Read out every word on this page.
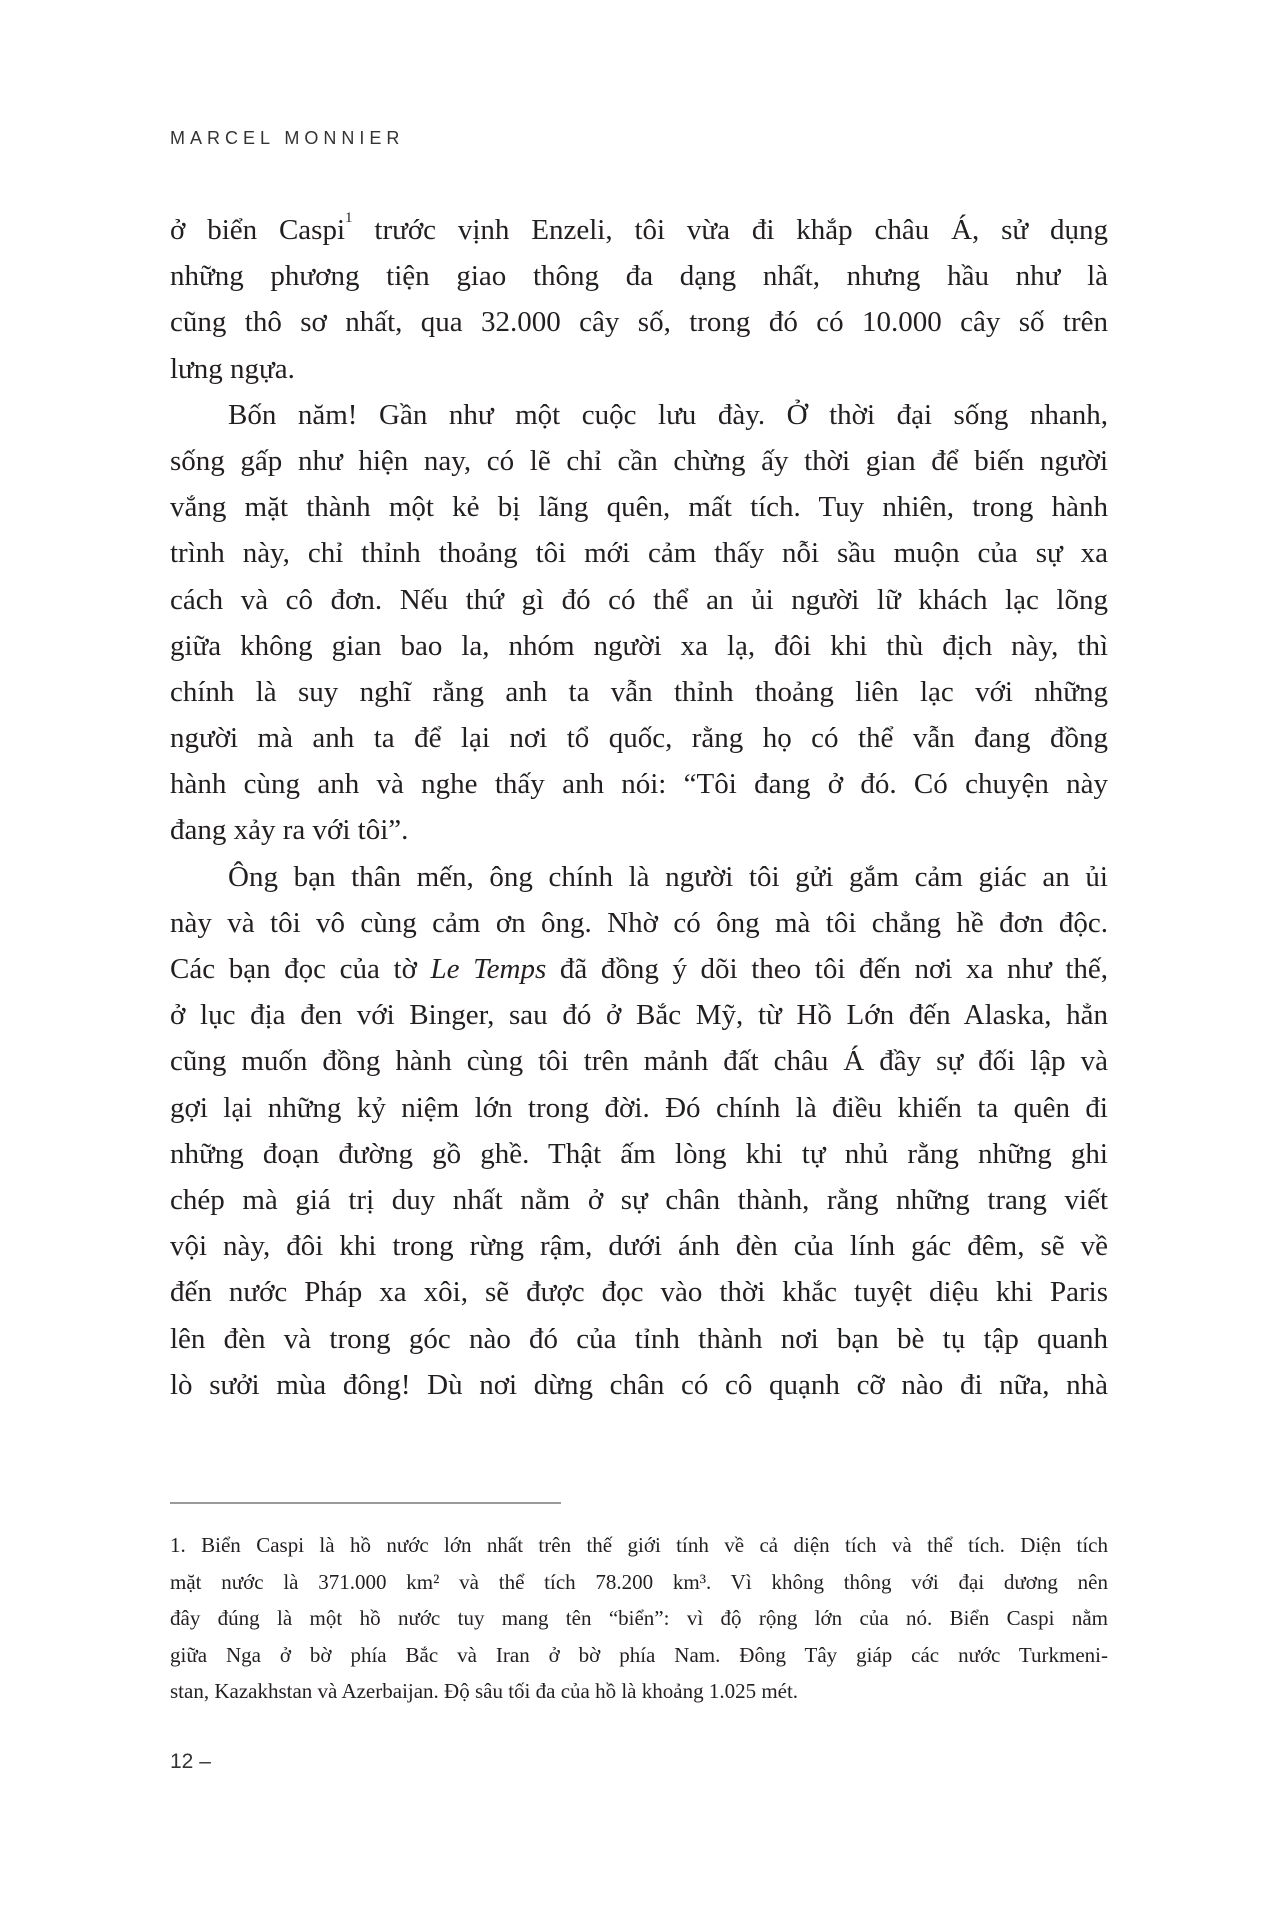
MARCEL MONNIER
ở biển Caspi$^1$ trước vịnh Enzeli, tôi vừa đi khắp châu Á, sử dụng
những phương tiện giao thông đa dạng nhất, nhưng hầu như là
cũng thô sơ nhất, qua 32.000 cây số, trong đó có 10.000 cây số trên
lưng ngựa.
Bốn năm! Gần như một cuộc lưu đày. Ở thời đại sống nhanh,
sống gấp như hiện nay, có lẽ chỉ cần chừng ấy thời gian để biến người
vắng mặt thành một kẻ bị lãng quên, mất tích. Tuy nhiên, trong hành
trình này, chỉ thỉnh thoảng tôi mới cảm thấy nỗi sầu muộn của sự xa
cách và cô đơn. Nếu thứ gì đó có thể an ủi người lữ khách lạc lõng
giữa không gian bao la, nhóm người xa lạ, đôi khi thù địch này, thì
chính là suy nghĩ rằng anh ta vẫn thỉnh thoảng liên lạc với những
người mà anh ta để lại nơi tổ quốc, rằng họ có thể vẫn đang đồng
hành cùng anh và nghe thấy anh nói: “Tôi đang ở đó. Có chuyện này
đang xảy ra với tôi”.
Ông bạn thân mến, ông chính là người tôi gửi gắm cảm giác an ủi
này và tôi vô cùng cảm ơn ông. Nhờ có ông mà tôi chẳng hề đơn độc.
Các bạn đọc của tờ Le Temps đã đồng ý dõi theo tôi đến nơi xa như thế,
ở lục địa đen với Binger, sau đó ở Bắc Mỹ, từ Hồ Lớn đến Alaska, hẳn
cũng muốn đồng hành cùng tôi trên mảnh đất châu Á đầy sự đối lập và
gợi lại những kỷ niệm lớn trong đời. Đó chính là điều khiến ta quên đi
những đoạn đường gồ ghề. Thật ấm lòng khi tự nhủ rằng những ghi
chép mà giá trị duy nhất nằm ở sự chân thành, rằng những trang viết
vội này, đôi khi trong rừng rậm, dưới ánh đèn của lính gác đêm, sẽ về
đến nước Pháp xa xôi, sẽ được đọc vào thời khắc tuyệt diệu khi Paris
lên đèn và trong góc nào đó của tỉnh thành nơi bạn bè tụ tập quanh
lò sưởi mùa đông! Dù nơi dừng chân có cô quạnh cỡ nào đi nữa, nhà
1. Biển Caspi là hồ nước lớn nhất trên thế giới tính về cả diện tích và thể tích. Diện tích
mặt nước là 371.000 km² và thể tích 78.200 km³. Vì không thông với đại dương nên
đây đúng là một hồ nước tuy mang tên “biển”: vì độ rộng lớn của nó. Biển Caspi nằm
giữa Nga ở bờ phía Bắc và Iran ở bờ phía Nam. Đông Tây giáp các nước Turkmeni-
stan, Kazakhstan và Azerbaijan. Độ sâu tối đa của hồ là khoảng 1.025 mét.
12 –
